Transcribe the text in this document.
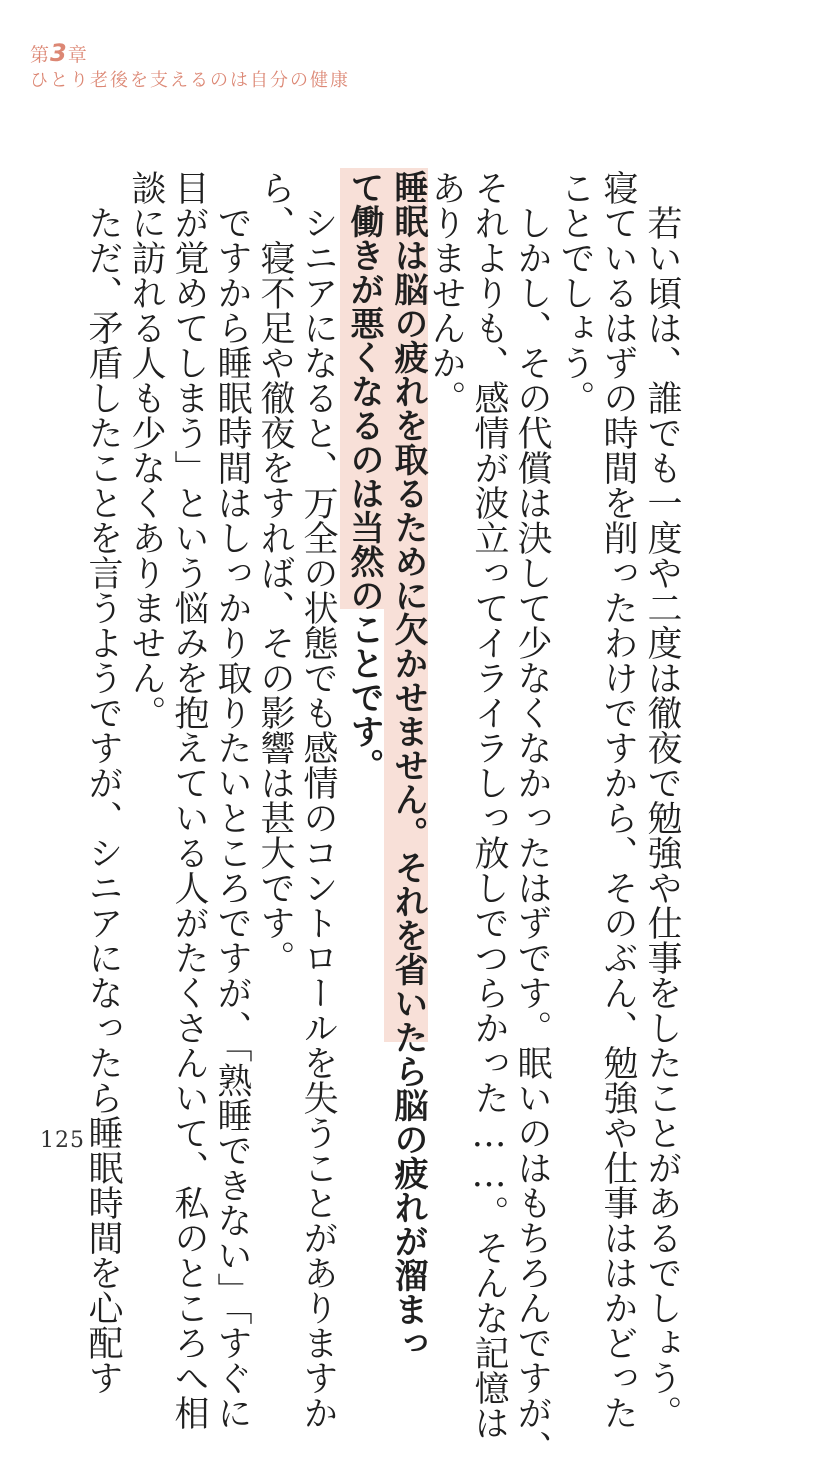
第3章
ひとり老後を支えるのは自分の健康
　若い頃は、誰でも一度や二度は徹夜で勉強や仕事をしたことがあるでしょう。
寝ているはずの時間を削ったわけですから、そのぶん、勉強や仕事ははかどった
ことでしょう。
　しかし、その代償は決して少なくなかったはずです。眠いのはもちろんですが、
それよりも、感情が波立ってイライラしっ放しでつらかった……。そんな記憶は
ありませんか。
睡眠は脳の疲れを取るために欠かせません。それを省いたら脳の疲れが溜まっ
て働きが悪くなるのは当然のことです。
　シニアになると、万全の状態でも感情のコントロールを失うことがありますか
ら、寝不足や徹夜をすれば、その影響は甚大です。
　ですから睡眠時間はしっかり取りたいところですが、「熟睡できない」「すぐに
目が覚めてしまう」という悩みを抱えている人がたくさんいて、私のところへ相
談に訪れる人も少なくありません。
　ただ、矛盾したことを言うようですが、シニアになったら睡眠時間を心配す
125
